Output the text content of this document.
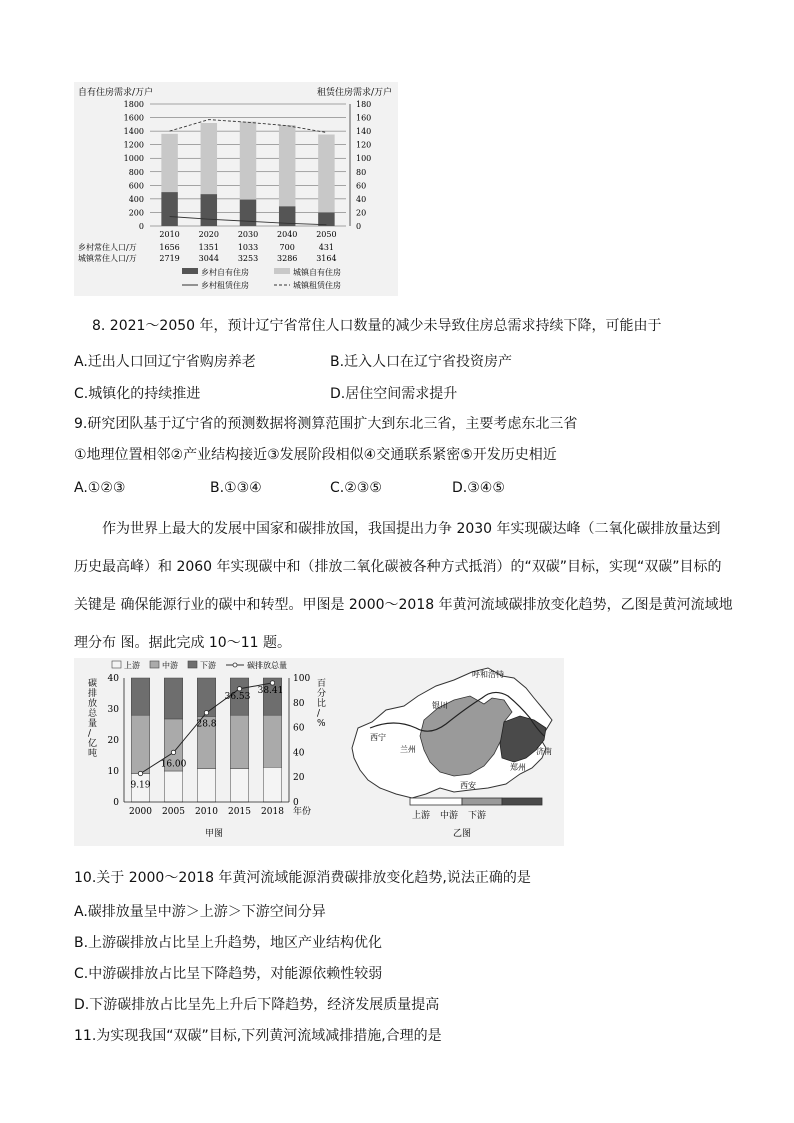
自有住房需求/万户	租赁住房需求/万户
0
200
400
600
800
1000
1200
1400
1600
1800
0
20
40
60
80
100
120
140
160
180
2010 2020 2030 2040 2050
乡村常住人口/万	1656 1351 1033	700	431
城镇常住人口/万	2719 3044 3253 3286 3164
乡村自有住房	城镇自有住房
乡村租赁住房	城镇租赁住房
8. 2021～2050 年，预计辽宁省常住人口数量的减少未导致住房总需求持续下降，可能由于
A.迁出人口回辽宁省购房养老	B.迁入人口在辽宁省投资房产
C.城镇化的持续推进	D.居住空间需求提升
9.研究团队基于辽宁省的预测数据将测算范围扩大到东北三省，主要考虑东北三省
①地理位置相邻②产业结构接近③发展阶段相似④交通联系紧密⑤开发历史相近
A.①②③	B.①③④	C.②③⑤	D.③④⑤
作为世界上最大的发展中国家和碳排放国，我国提出力争 2030 年实现碳达峰（二氧化碳排放量达到历史最高峰）和 2060 年实现碳中和（排放二氧化碳被各种方式抵消）的“双碳”目标，实现“双碳”目标的关键是 确保能源行业的碳中和转型。甲图是 2000～2018 年黄河流域碳排放变化趋势，乙图是黄河流域地理分布 图。据此完成 10～11 题。
上游	中游	下游	碳排放总量
碳排放总量/亿吨
百分比/ %
0
10
20
30
40
0
20
40
60
80
100
2000 2005 2010 2015 2018 年份
9.19
16.00
28.8
36.53
38.41
甲图
呼和浩特
银川
西宁
兰州
西安
郑州
济南
上游 中游 下游
乙图
10.关于 2000～2018 年黄河流域能源消费碳排放变化趋势,说法正确的是
A.碳排放量呈中游＞上游＞下游空间分异
B.上游碳排放占比呈上升趋势，地区产业结构优化
C.中游碳排放占比呈下降趋势，对能源依赖性较弱
D.下游碳排放占比呈先上升后下降趋势，经济发展质量提高
11.为实现我国“双碳”目标,下列黄河流域减排措施,合理的是
